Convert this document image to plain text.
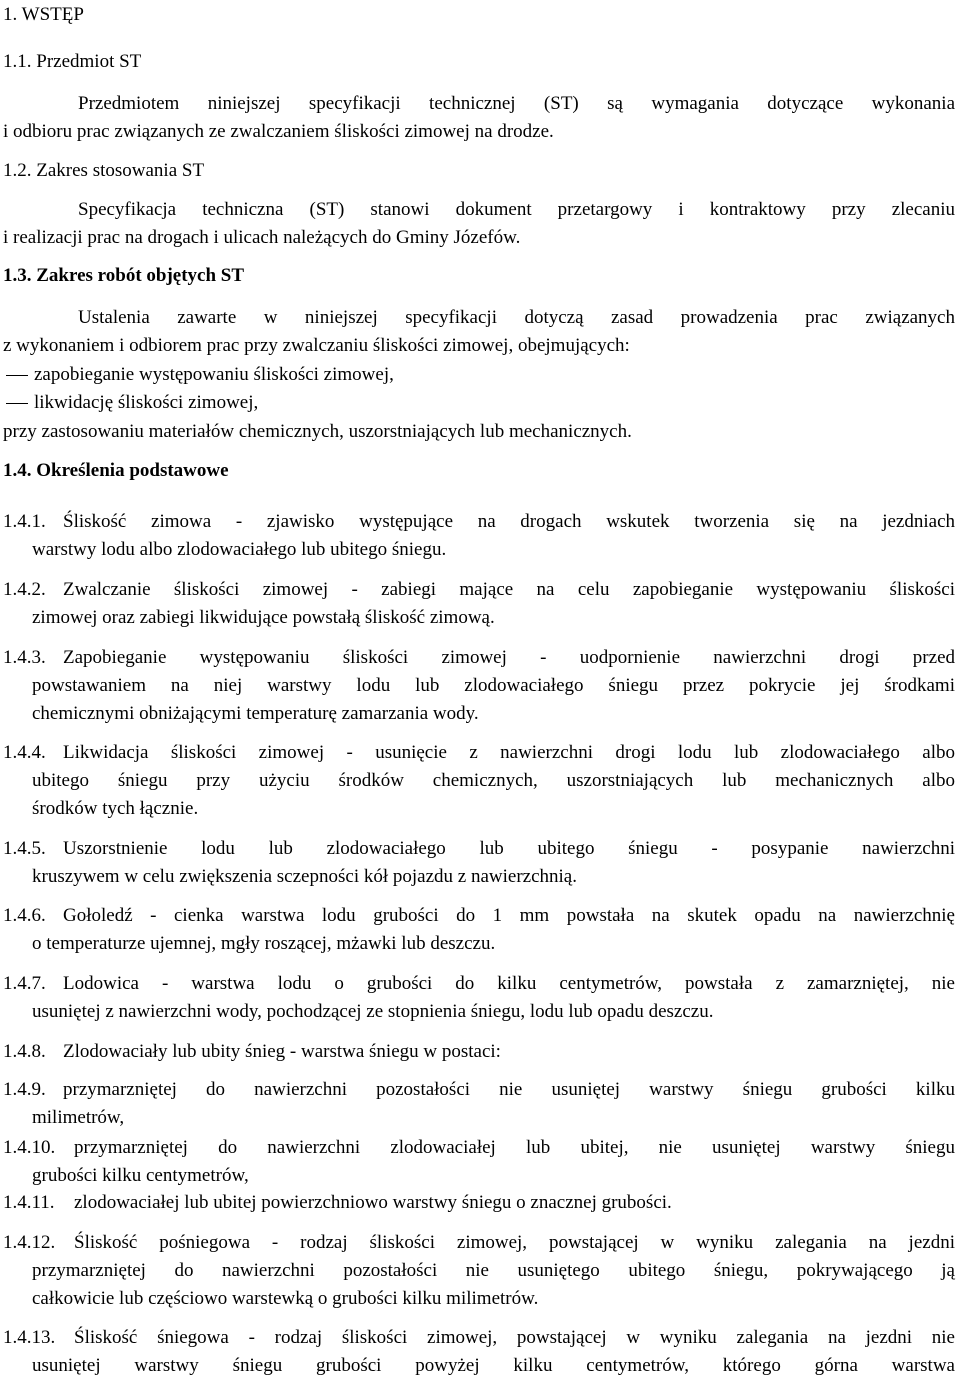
1. WSTĘP
1.1. Przedmiot ST
Przedmiotem niniejszej specyfikacji technicznej (ST) są wymagania dotyczące wykonania
i odbioru prac związanych ze zwalczaniem śliskości zimowej na drodze.
1.2. Zakres stosowania ST
Specyfikacja techniczna (ST) stanowi dokument przetargowy i kontraktowy przy zlecaniu
i realizacji prac na drogach i ulicach należących do Gminy Józefów.
1.3. Zakres robót objętych ST
Ustalenia zawarte w niniejszej specyfikacji dotyczą zasad prowadzenia prac związanych
z wykonaniem i odbiorem prac przy zwalczaniu śliskości zimowej, obejmujących:
zapobieganie występowaniu śliskości zimowej,
likwidację śliskości zimowej,
przy zastosowaniu materiałów chemicznych, uszorstniających lub mechanicznych.
1.4. Określenia podstawowe
1.4.1. Śliskość zimowa - zjawisko występujące na drogach wskutek tworzenia się na jezdniach
warstwy lodu albo zlodowaciałego lub ubitego śniegu.
1.4.2. Zwalczanie śliskości zimowej - zabiegi mające na celu zapobieganie występowaniu śliskości
zimowej oraz zabiegi likwidujące powstałą śliskość zimową.
1.4.3. Zapobieganie występowaniu śliskości zimowej - uodpornienie nawierzchni drogi przed
powstawaniem na niej warstwy lodu lub zlodowaciałego śniegu przez pokrycie jej środkami
chemicznymi obniżającymi temperaturę zamarzania wody.
1.4.4. Likwidacja śliskości zimowej - usunięcie z nawierzchni drogi lodu lub zlodowaciałego albo
ubitego śniegu przy użyciu środków chemicznych, uszorstniających lub mechanicznych albo
środków tych łącznie.
1.4.5. Uszorstnienie lodu lub zlodowaciałego lub ubitego śniegu - posypanie nawierzchni
kruszywem w celu zwiększenia sczepności kół pojazdu z nawierzchnią.
1.4.6. Gołoledź - cienka warstwa lodu grubości do 1 mm powstała na skutek opadu na nawierzchnię
o temperaturze ujemnej, mgły roszącej, mżawki lub deszczu.
1.4.7. Lodowica - warstwa lodu o grubości do kilku centymetrów, powstała z zamarzniętej, nie
usuniętej z nawierzchni wody, pochodzącej ze stopnienia śniegu, lodu lub opadu deszczu.
1.4.8. Zlodowaciały lub ubity śnieg - warstwa śniegu w postaci:
1.4.9. przymarzniętej do nawierzchni pozostałości nie usuniętej warstwy śniegu grubości kilku
milimetrów,
1.4.10. przymarzniętej do nawierzchni zlodowaciałej lub ubitej, nie usuniętej warstwy śniegu
grubości kilku centymetrów,
1.4.11. zlodowaciałej lub ubitej powierzchniowo warstwy śniegu o znacznej grubości.
1.4.12. Śliskość pośniegowa - rodzaj śliskości zimowej, powstającej w wyniku zalegania na jezdni
przymarzniętej do nawierzchni pozostałości nie usuniętego ubitego śniegu, pokrywającego ją
całkowicie lub częściowo warstewką o grubości kilku milimetrów.
1.4.13. Śliskość śniegowa - rodzaj śliskości zimowej, powstającej w wyniku zalegania na jezdni nie
usuniętej warstwy śniegu grubości powyżej kilku centymetrów, którego górna warstwa
